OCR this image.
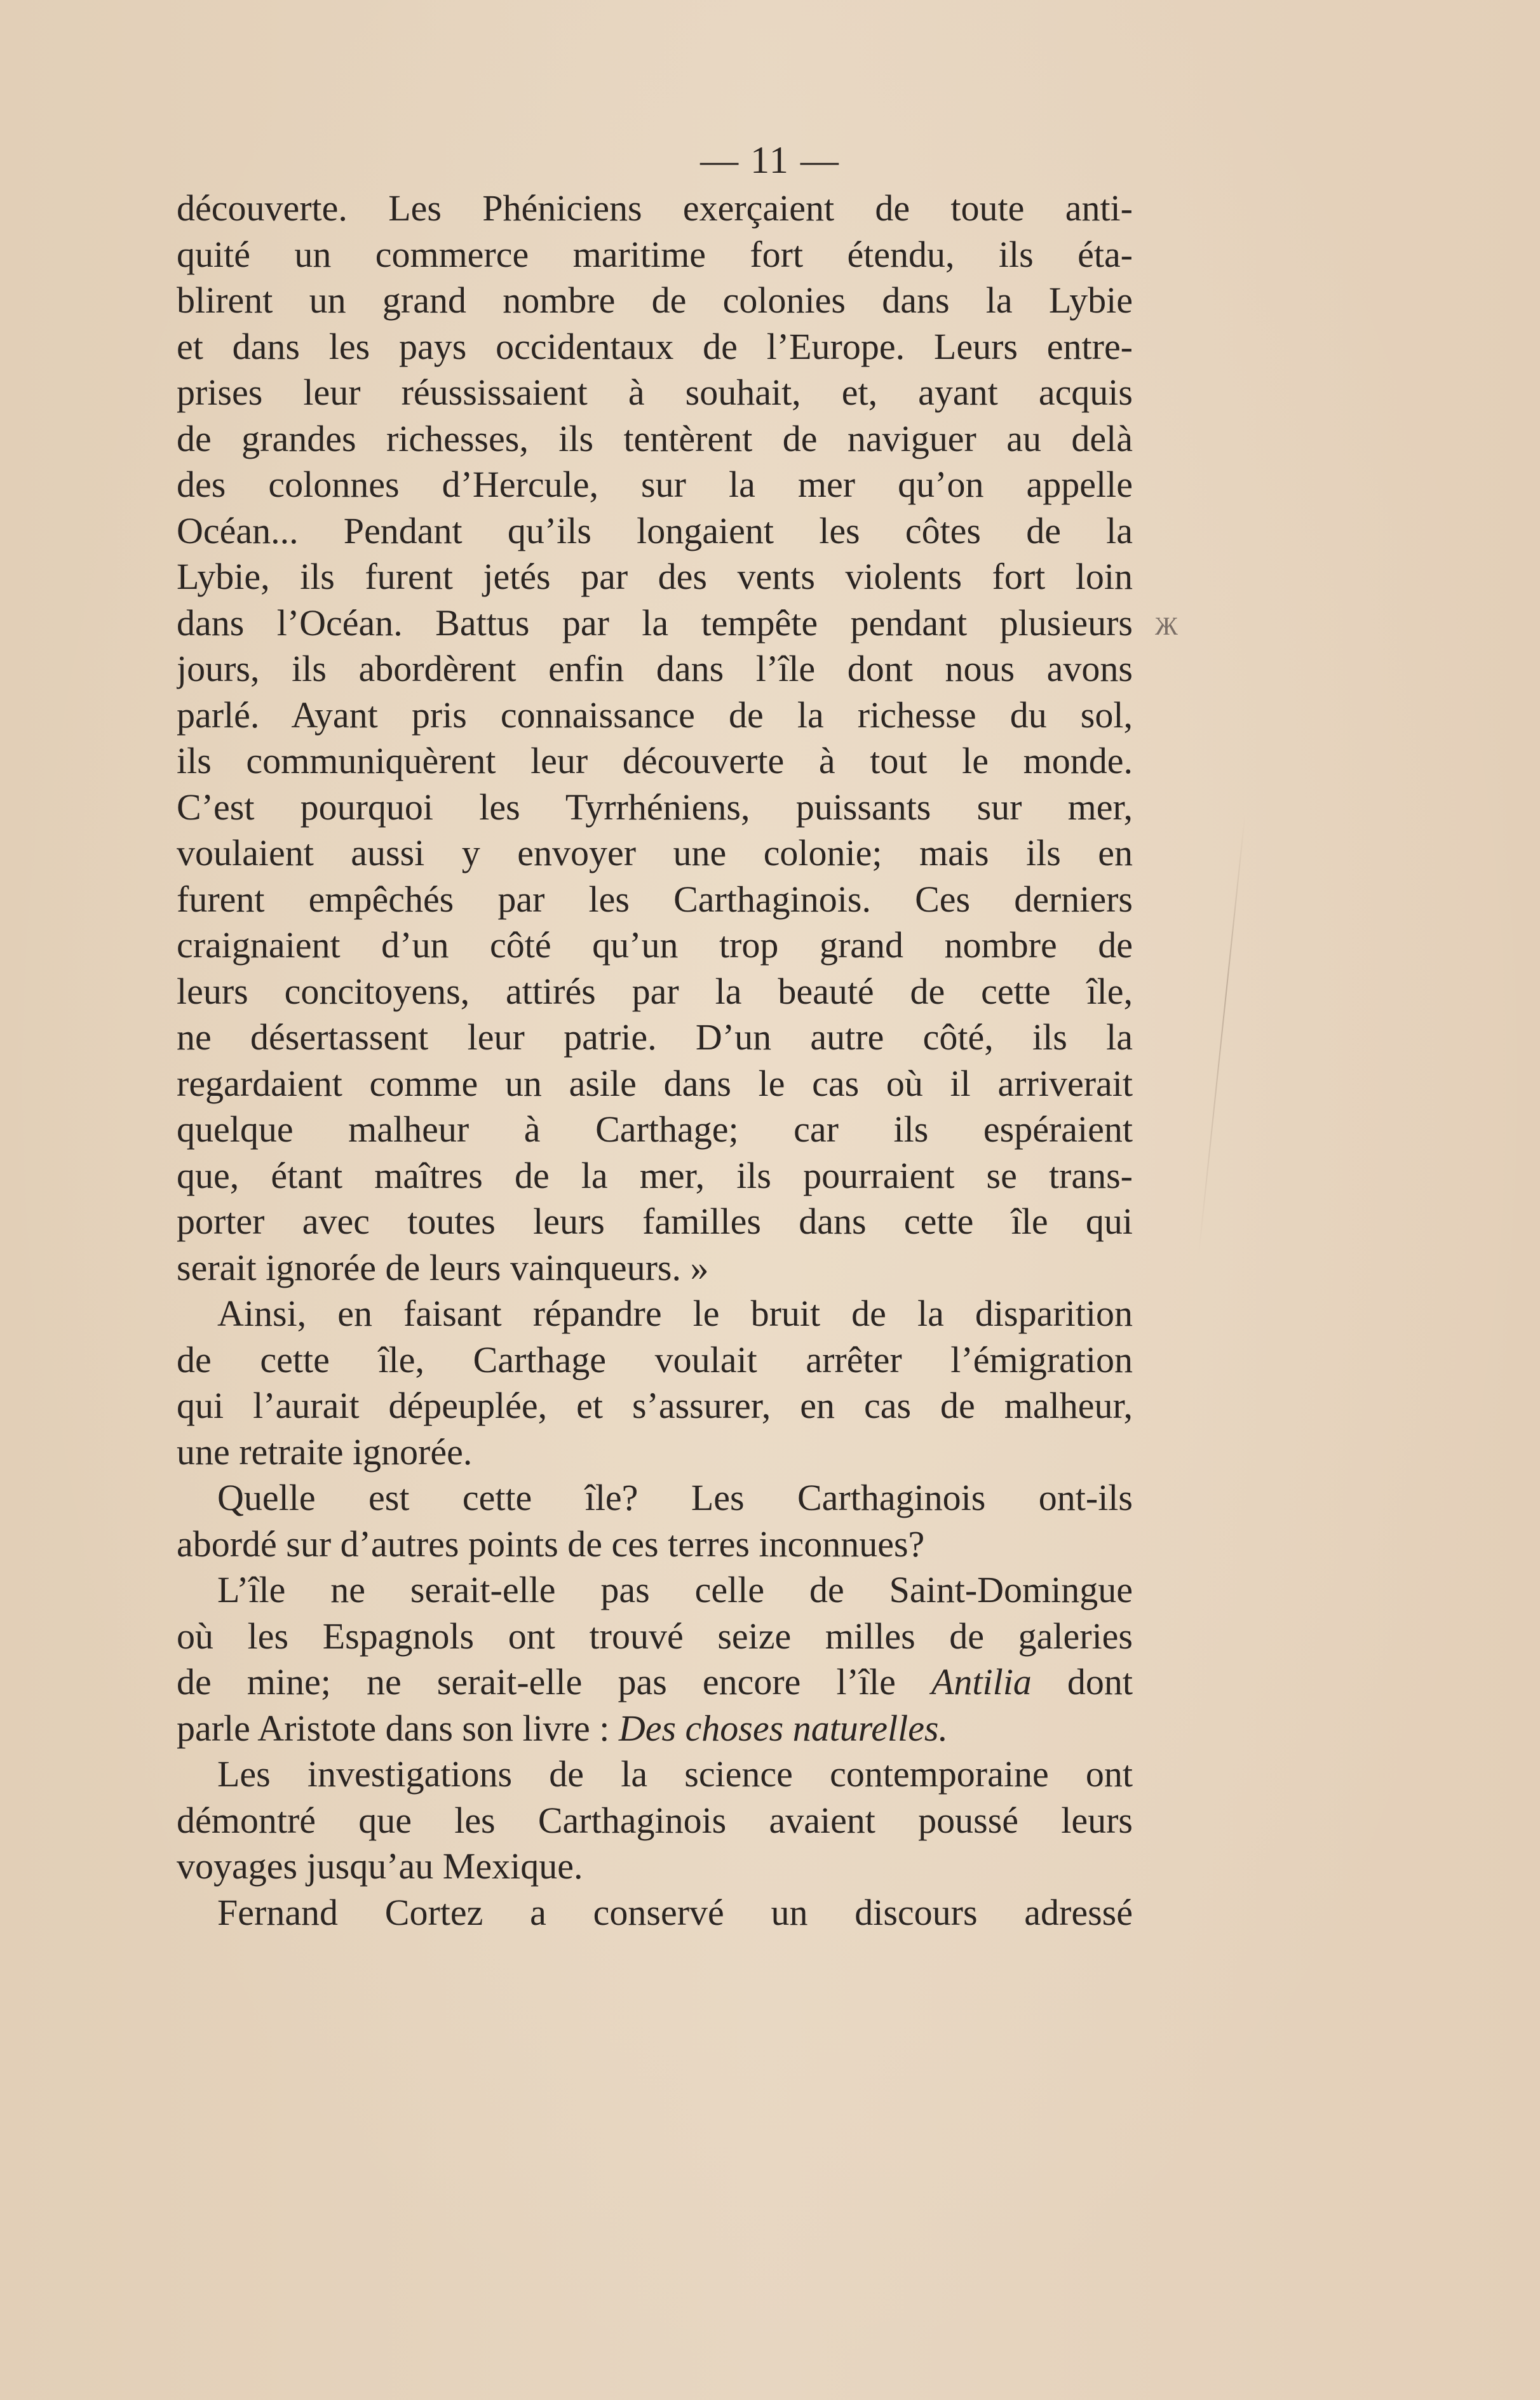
— 11 —
découverte. Les Phéniciens exerçaient de toute anti-
quité un commerce maritime fort étendu, ils éta-
blirent un grand nombre de colonies dans la Lybie
et dans les pays occidentaux de l’Europe. Leurs entre-
prises leur réussissaient à souhait, et, ayant acquis
de grandes richesses, ils tentèrent de naviguer au delà
des colonnes d’Hercule, sur la mer qu’on appelle
Océan... Pendant qu’ils longaient les côtes de la
Lybie, ils furent jetés par des vents violents fort loin
dans l’Océan. Battus par la tempête pendant plusieurs
jours, ils abordèrent enfin dans l’île dont nous avons
parlé. Ayant pris connaissance de la richesse du sol,
ils communiquèrent leur découverte à tout le monde.
C’est pourquoi les Tyrrhéniens, puissants sur mer,
voulaient aussi y envoyer une colonie; mais ils en
furent empêchés par les Carthaginois. Ces derniers
craignaient d’un côté qu’un trop grand nombre de
leurs concitoyens, attirés par la beauté de cette île,
ne désertassent leur patrie. D’un autre côté, ils la
regardaient comme un asile dans le cas où il arriverait
quelque malheur à Carthage; car ils espéraient
que, étant maîtres de la mer, ils pourraient se trans-
porter avec toutes leurs familles dans cette île qui
serait ignorée de leurs vainqueurs. »
Ainsi, en faisant répandre le bruit de la disparition
de cette île, Carthage voulait arrêter l’émigration
qui l’aurait dépeuplée, et s’assurer, en cas de malheur,
une retraite ignorée.
Quelle est cette île? Les Carthaginois ont-ils
abordé sur d’autres points de ces terres inconnues?
L’île ne serait-elle pas celle de Saint-Domingue
où les Espagnols ont trouvé seize milles de galeries
de mine; ne serait-elle pas encore l’île Antilia dont
parle Aristote dans son livre : Des choses naturelles.
Les investigations de la science contemporaine ont
démontré que les Carthaginois avaient poussé leurs
voyages jusqu’au Mexique.
Fernand Cortez a conservé un discours adressé
Ж
